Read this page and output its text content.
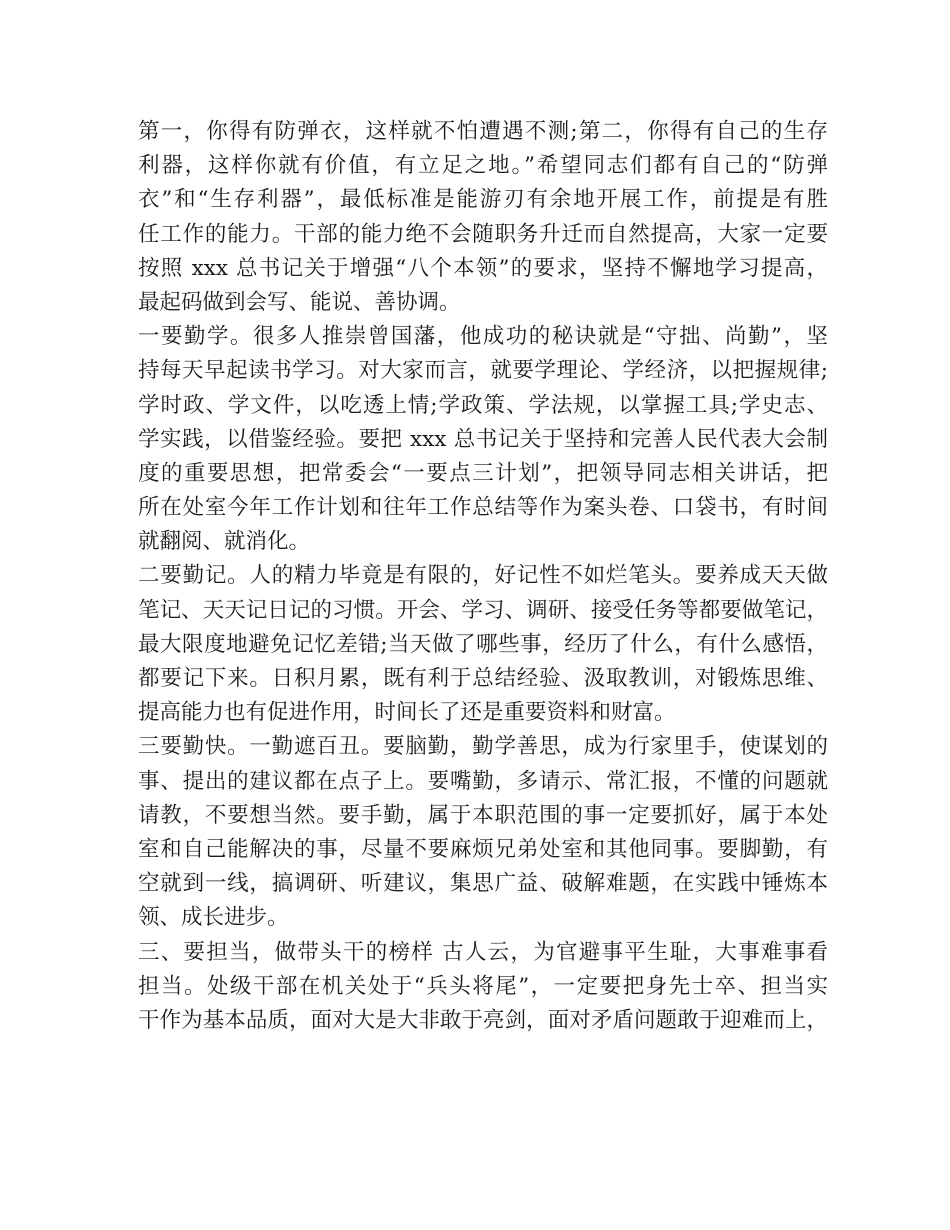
第一，你得有防弹衣，这样就不怕遭遇不测;第二，你得有自己的生存
利器，这样你就有价值，有立足之地。”希望同志们都有自己的“防弹
衣”和“生存利器”，最低标准是能游刃有余地开展工作，前提是有胜
任工作的能力。干部的能力绝不会随职务升迁而自然提高，大家一定要
按照 xxx 总书记关于增强“八个本领”的要求，坚持不懈地学习提高，
最起码做到会写、能说、善协调。
一要勤学。很多人推崇曾国藩，他成功的秘诀就是“守拙、尚勤”，坚
持每天早起读书学习。对大家而言，就要学理论、学经济，以把握规律;
学时政、学文件，以吃透上情;学政策、学法规，以掌握工具;学史志、
学实践，以借鉴经验。要把 xxx 总书记关于坚持和完善人民代表大会制
度的重要思想，把常委会“一要点三计划”，把领导同志相关讲话，把
所在处室今年工作计划和往年工作总结等作为案头卷、口袋书，有时间
就翻阅、就消化。
二要勤记。人的精力毕竟是有限的，好记性不如烂笔头。要养成天天做
笔记、天天记日记的习惯。开会、学习、调研、接受任务等都要做笔记，
最大限度地避免记忆差错;当天做了哪些事，经历了什么，有什么感悟，
都要记下来。日积月累，既有利于总结经验、汲取教训，对锻炼思维、
提高能力也有促进作用，时间长了还是重要资料和财富。
三要勤快。一勤遮百丑。要脑勤，勤学善思，成为行家里手，使谋划的
事、提出的建议都在点子上。要嘴勤，多请示、常汇报，不懂的问题就
请教，不要想当然。要手勤，属于本职范围的事一定要抓好，属于本处
室和自己能解决的事，尽量不要麻烦兄弟处室和其他同事。要脚勤，有
空就到一线，搞调研、听建议，集思广益、破解难题，在实践中锤炼本
领、成长进步。
三、要担当，做带头干的榜样 古人云，为官避事平生耻，大事难事看
担当。处级干部在机关处于“兵头将尾”，一定要把身先士卒、担当实
干作为基本品质，面对大是大非敢于亮剑，面对矛盾问题敢于迎难而上，
